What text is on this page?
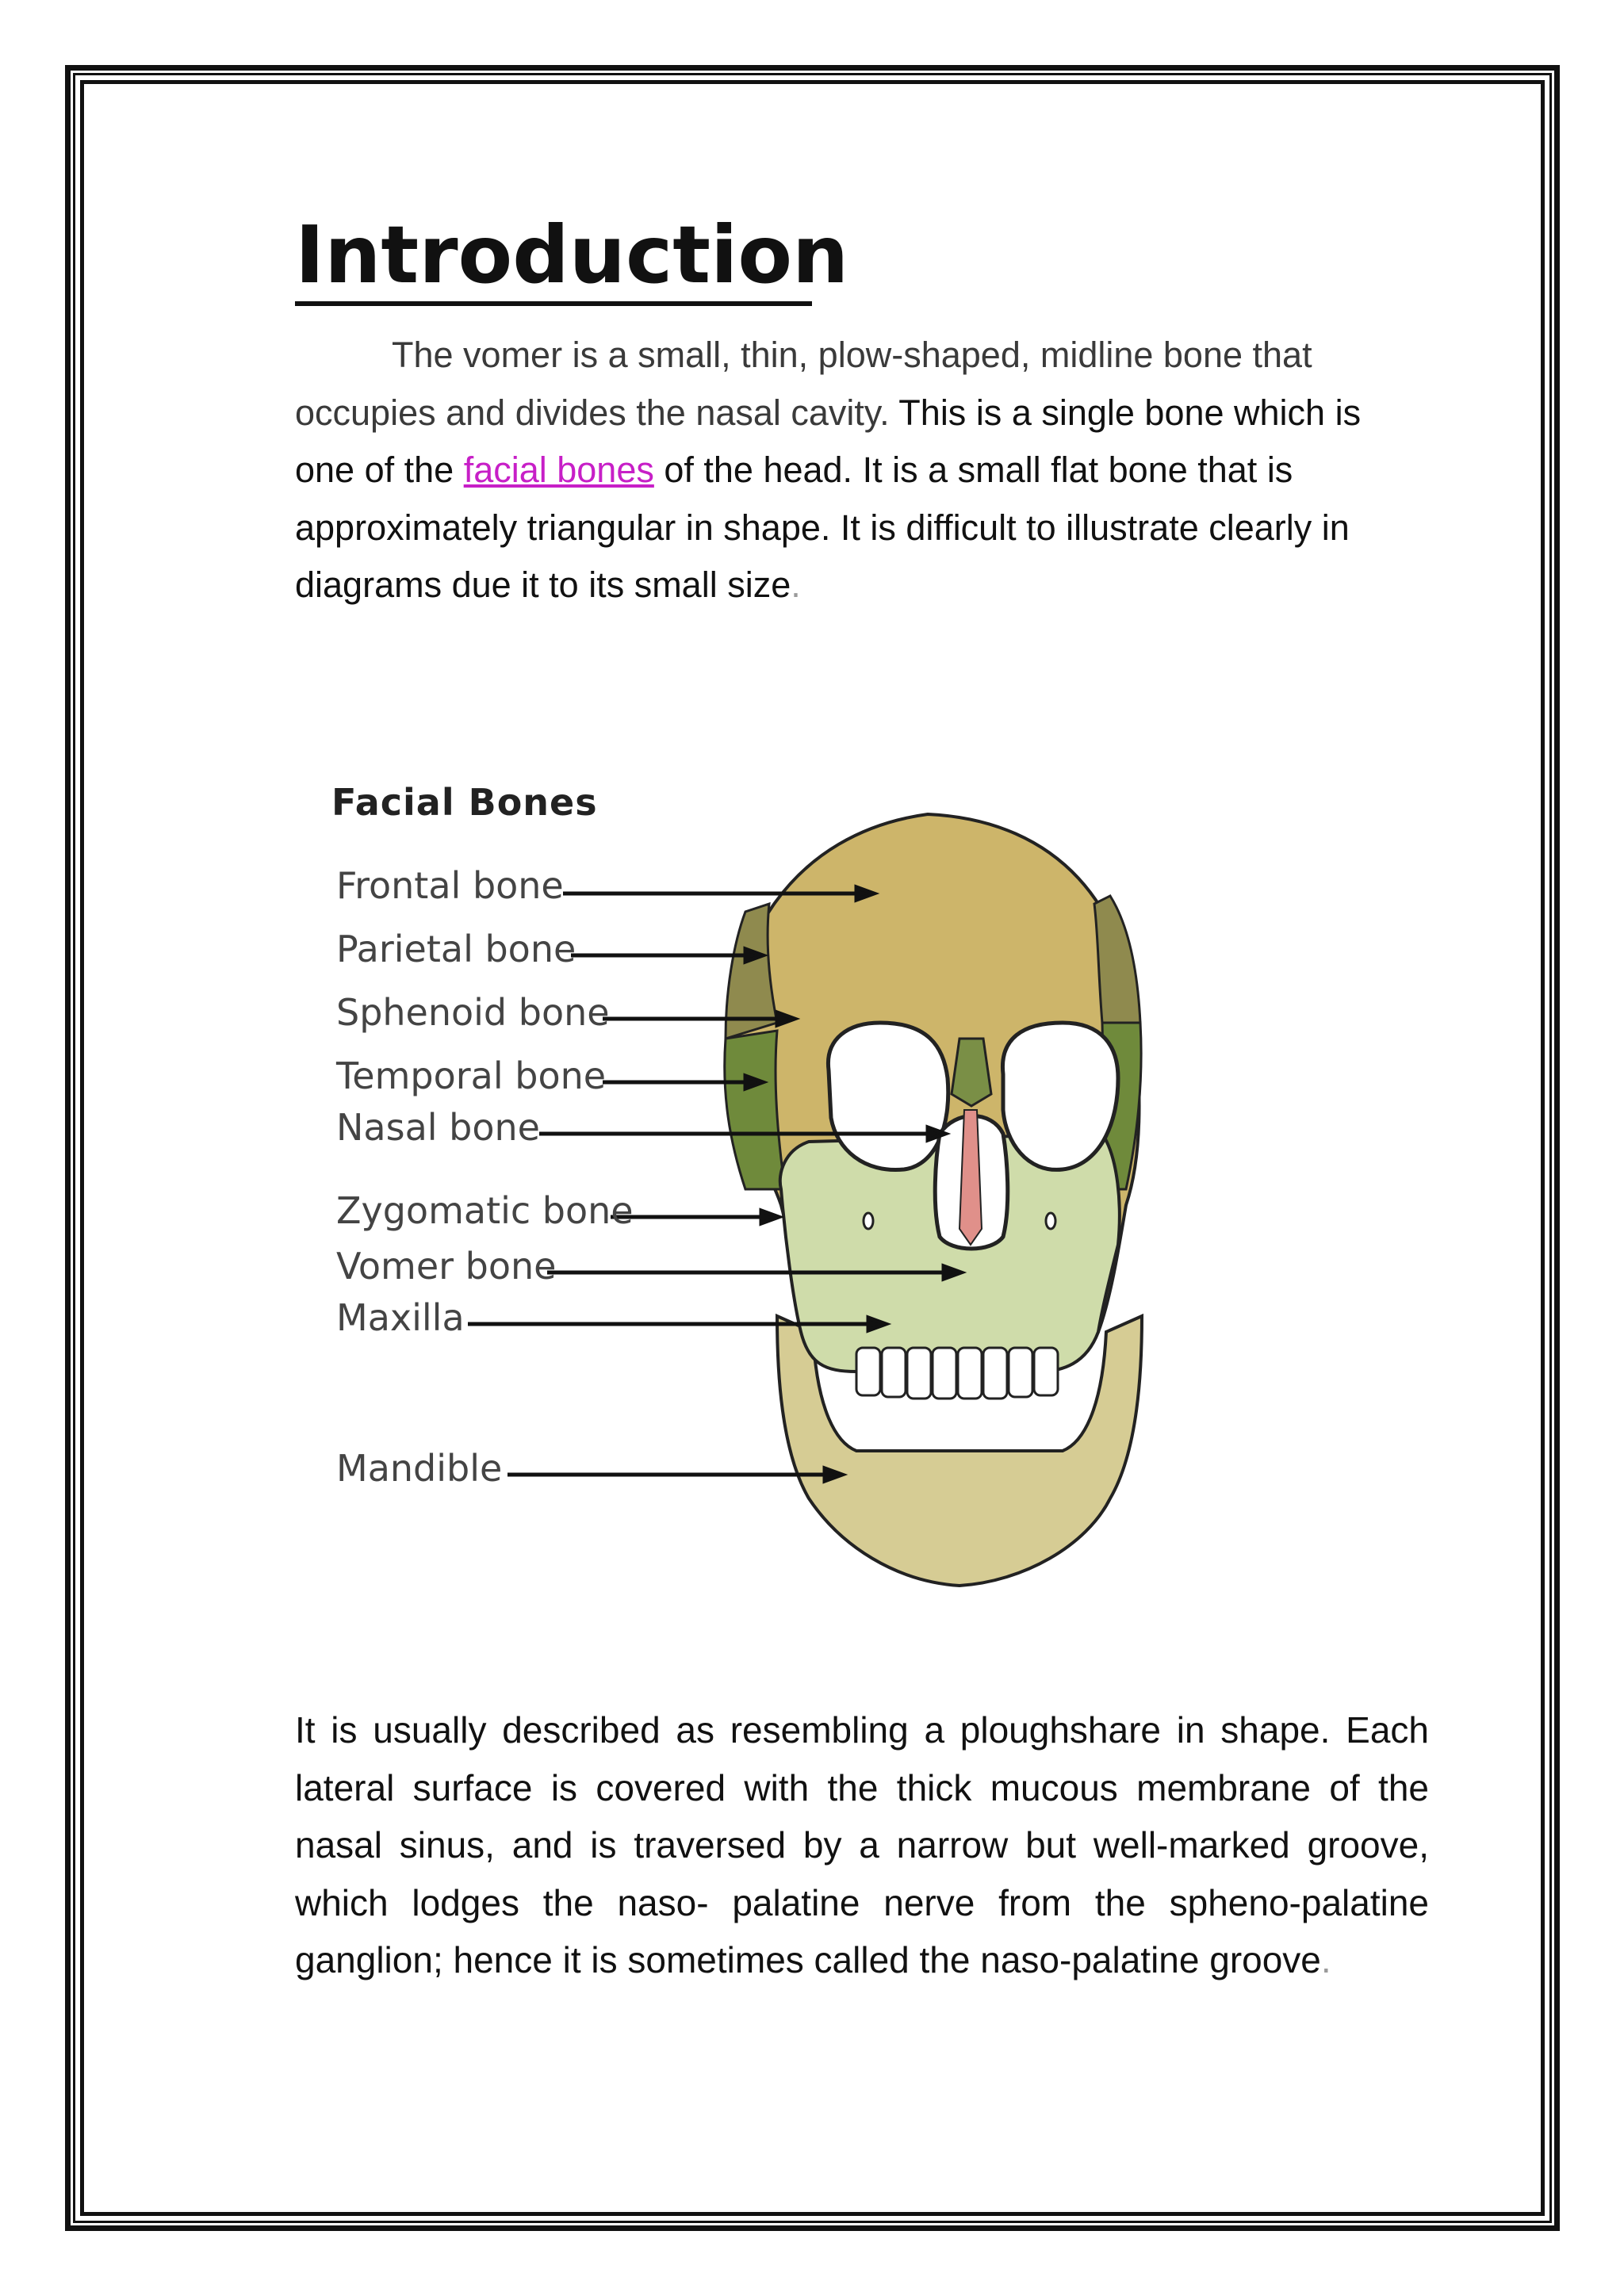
Introduction

The vomer is a small, thin, plow-shaped, midline bone that occupies and divides the nasal cavity. This is a single bone which is one of the facial bones of the head. It is a small flat bone that is approximately triangular in shape. It is difficult to illustrate clearly in diagrams due it to its small size.

Facial Bones

Frontal bone

Parietal bone

Sphenoid bone

Temporal bone

Nasal bone

Zygomatic bone

Vomer bone

Maxilla

Mandible

It is usually described as resembling a ploughshare in shape. Each lateral surface is covered with the thick mucous membrane of the nasal sinus, and is traversed by a narrow but well-marked groove, which lodges the naso- palatine nerve from the spheno-palatine ganglion; hence it is sometimes called the naso-palatine groove.
